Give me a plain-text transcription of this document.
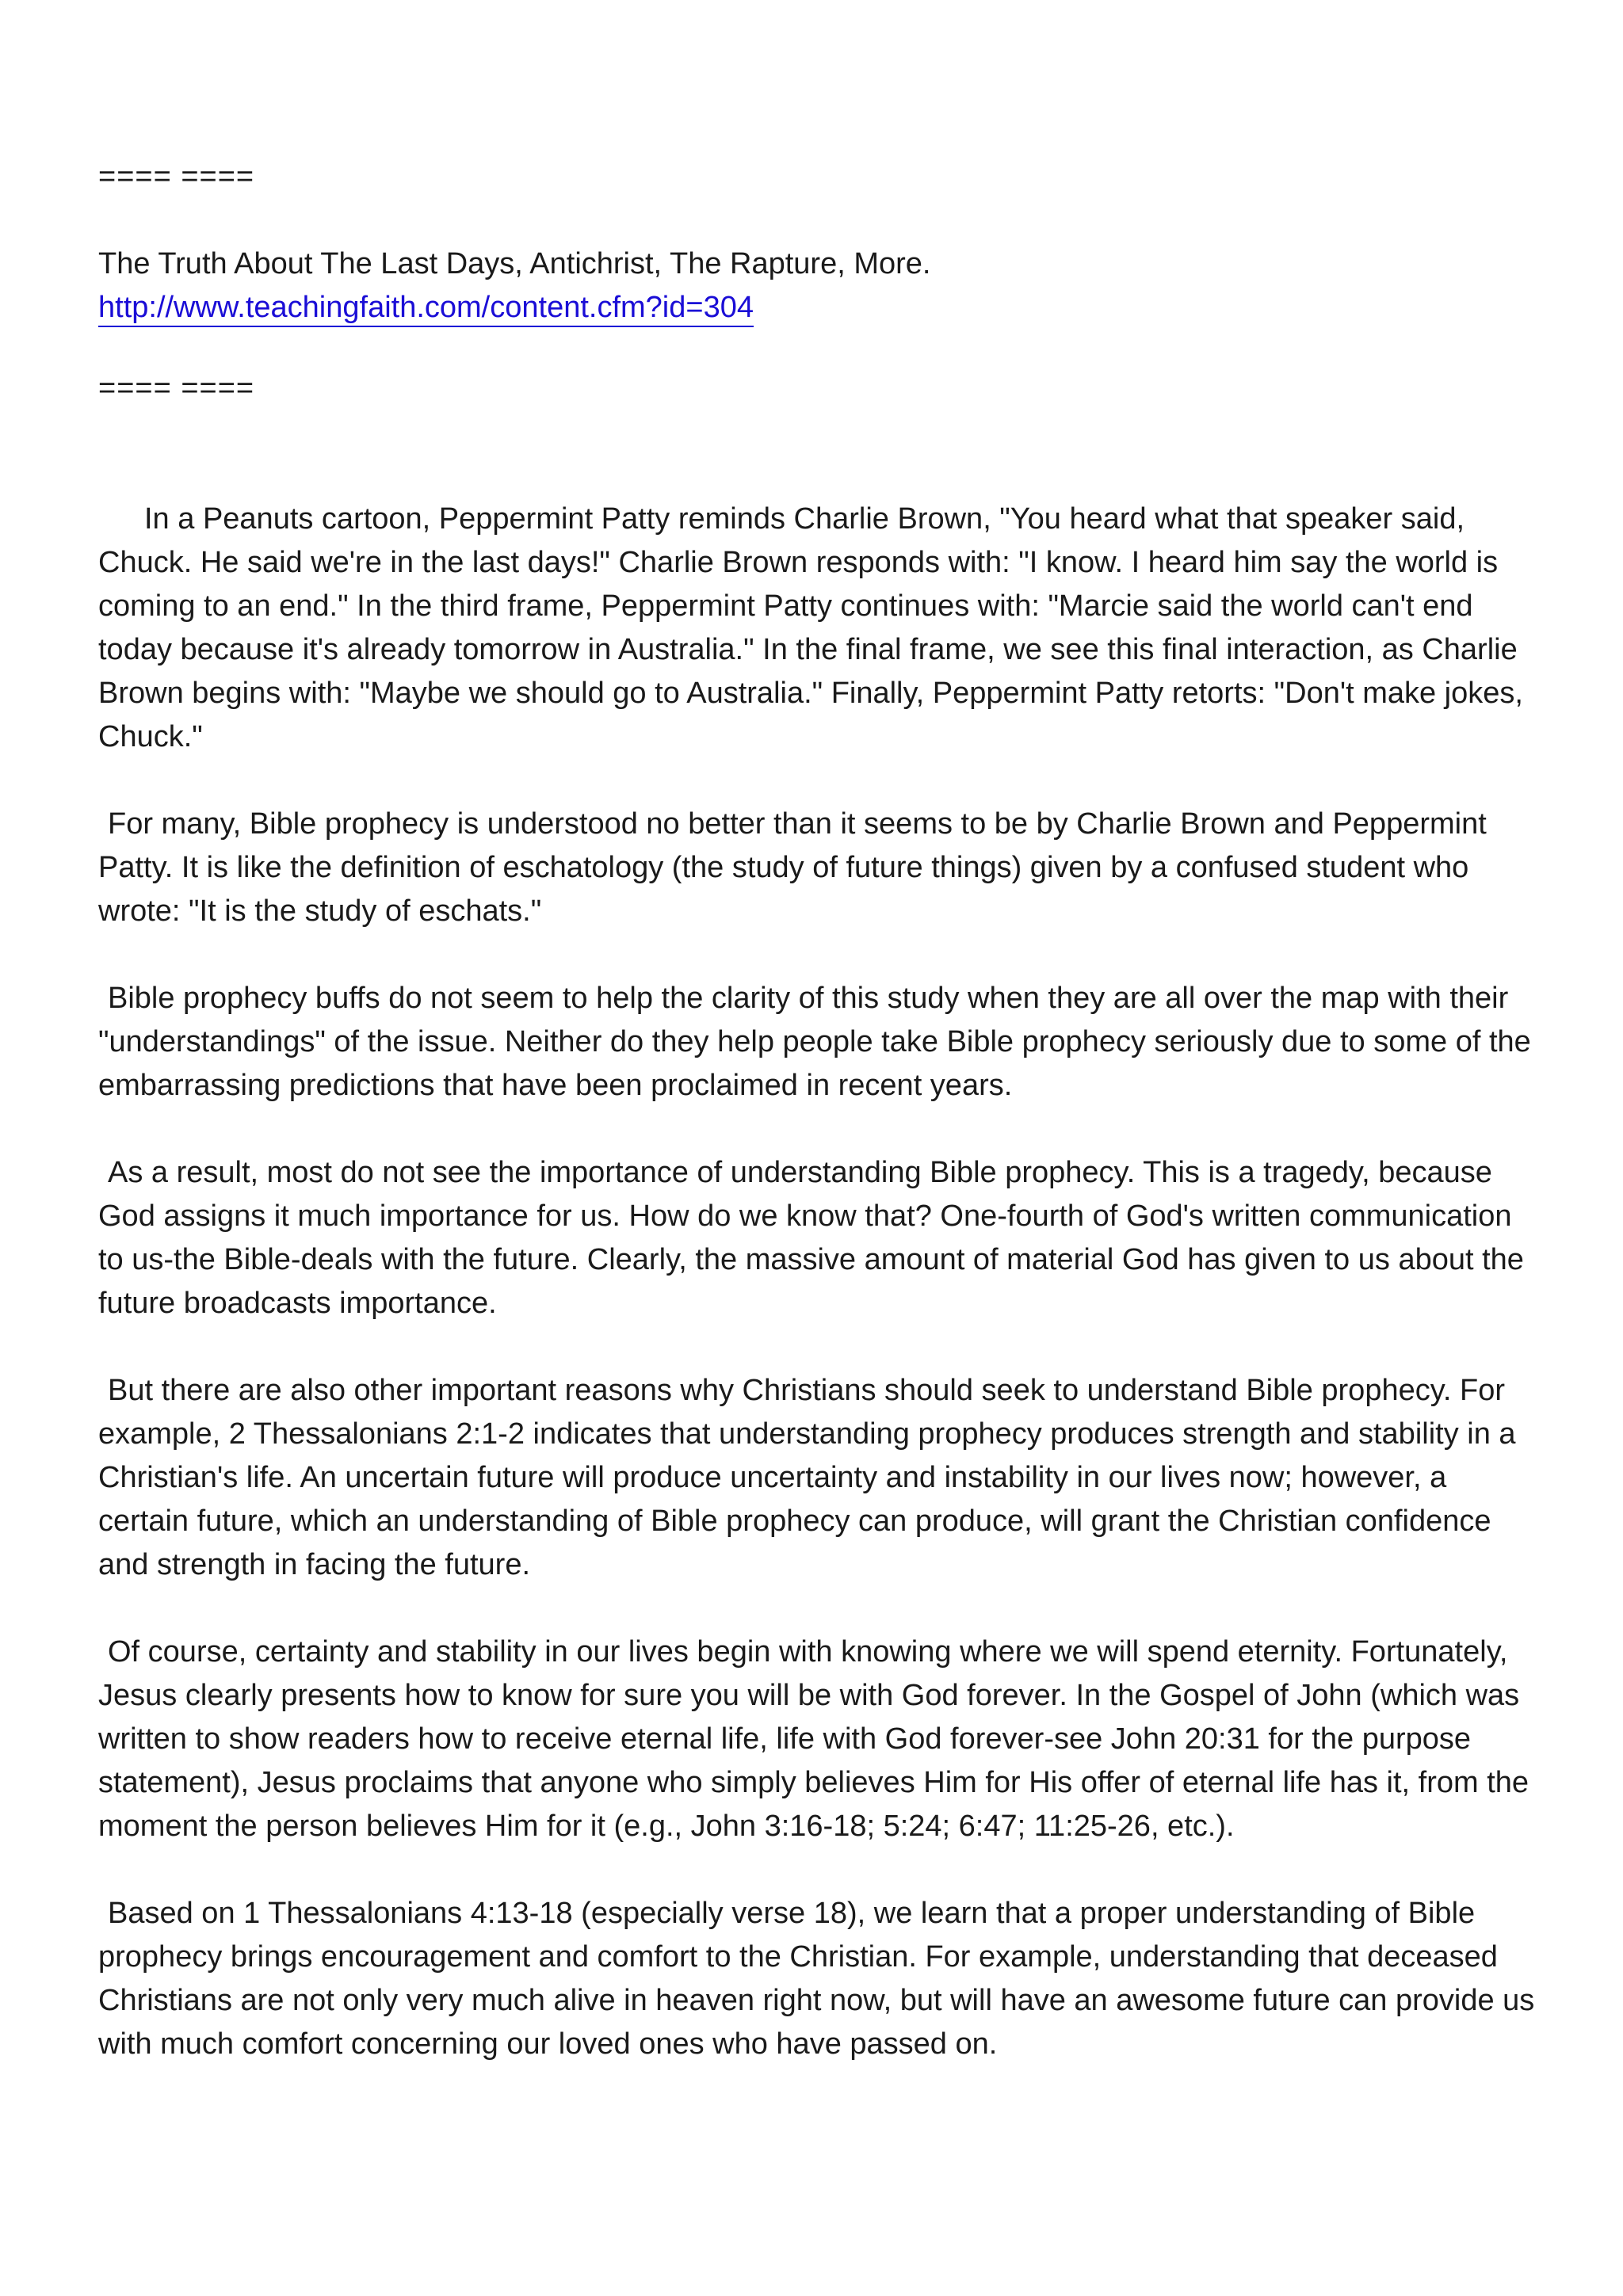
==== ====

The Truth About The Last Days, Antichrist, The Rapture, More.

http://www.teachingfaith.com/content.cfm?id=304

==== ====

In a Peanuts cartoon, Peppermint Patty reminds Charlie Brown, "You heard what that speaker said, Chuck. He said we're in the last days!" Charlie Brown responds with: "I know. I heard him say the world is coming to an end." In the third frame, Peppermint Patty continues with: "Marcie said the world can't end today because it's already tomorrow in Australia." In the final frame, we see this final interaction, as Charlie Brown begins with: "Maybe we should go to Australia." Finally, Peppermint Patty retorts: "Don't make jokes, Chuck."

For many, Bible prophecy is understood no better than it seems to be by Charlie Brown and Peppermint Patty. It is like the definition of eschatology (the study of future things) given by a confused student who wrote: "It is the study of eschats."

Bible prophecy buffs do not seem to help the clarity of this study when they are all over the map with their "understandings" of the issue. Neither do they help people take Bible prophecy seriously due to some of the embarrassing predictions that have been proclaimed in recent years.

As a result, most do not see the importance of understanding Bible prophecy. This is a tragedy, because God assigns it much importance for us. How do we know that? One-fourth of God's written communication to us-the Bible-deals with the future. Clearly, the massive amount of material God has given to us about the future broadcasts importance.

But there are also other important reasons why Christians should seek to understand Bible prophecy. For example, 2 Thessalonians 2:1-2 indicates that understanding prophecy produces strength and stability in a Christian's life. An uncertain future will produce uncertainty and instability in our lives now; however, a certain future, which an understanding of Bible prophecy can produce, will grant the Christian confidence and strength in facing the future.

Of course, certainty and stability in our lives begin with knowing where we will spend eternity. Fortunately, Jesus clearly presents how to know for sure you will be with God forever. In the Gospel of John (which was written to show readers how to receive eternal life, life with God forever-see John 20:31 for the purpose statement), Jesus proclaims that anyone who simply believes Him for His offer of eternal life has it, from the moment the person believes Him for it (e.g., John 3:16-18; 5:24; 6:47; 11:25-26, etc.).

Based on 1 Thessalonians 4:13-18 (especially verse 18), we learn that a proper understanding of Bible prophecy brings encouragement and comfort to the Christian. For example, understanding that deceased Christians are not only very much alive in heaven right now, but will have an awesome future can provide us with much comfort concerning our loved ones who have passed on.
